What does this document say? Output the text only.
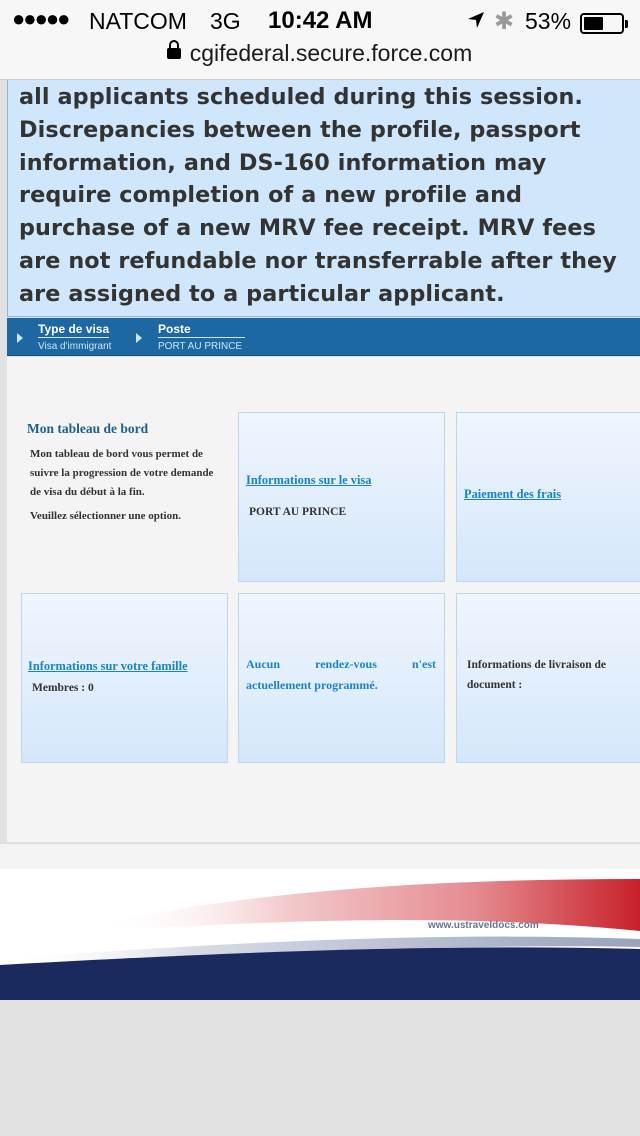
●●●●● NATCOM 3G 10:42 AM	✱ 53%
cgifederal.secure.force.com

all applicants scheduled during this session.
Discrepancies between the profile, passport
information, and DS-160 information may
require completion of a new profile and
purchase of a new MRV fee receipt. MRV fees
are not refundable nor transferrable after they
are assigned to a particular applicant.

Type de visa
Visa d'immigrant
Poste
PORT AU PRINCE
Mon tableau de bord
Mon tableau de bord vous permet de suivre la progression de votre demande de visa du début à la fin.
Veuillez sélectionner une option.
Informations sur le visa
PORT AU PRINCE
Paiement des frais
Informations sur votre famille
Membres : 0
Aucun rendez-vous n'est actuellement programmé.
Informations de livraison de document :
www.ustraveldocs.com
